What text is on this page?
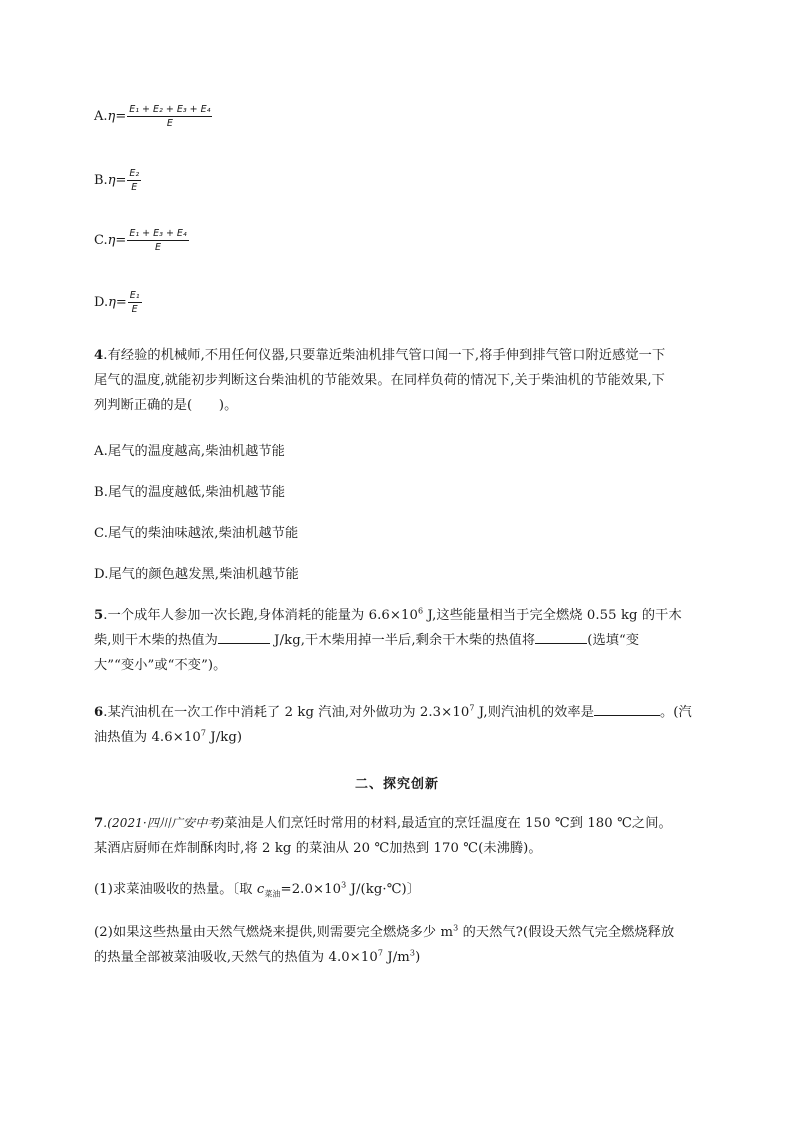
A. $\eta= \frac{\text{E₁ + E₂ + E₃ + E₄}}{E}$
B. $\eta= \frac{\text{E₂}}{E}$
C. $\eta= \frac{\text{E₁ + E₃ + E₄}}{E}$
D. $\eta= \frac{\text{E₁}}{E}$
4.有经验的机械师,不用任何仪器,只要靠近柴油机排气管口闻一下,将手伸到排气管口附近感觉一下
尾气的温度,就能初步判断这台柴油机的节能效果。在同样负荷的情况下,关于柴油机的节能效果,下
列判断正确的是(　　)。
A.尾气的温度越高,柴油机越节能
B.尾气的温度越低,柴油机越节能
C.尾气的柴油味越浓,柴油机越节能
D.尾气的颜色越发黑,柴油机越节能
5.一个成年人参加一次长跑,身体消耗的能量为 $6.6\times 10^6$ J,这些能量相当于完全燃烧 0.55 kg 的干木
柴,则干木柴的热值为	J/kg,干木柴用掉一半后,剩余干木柴的热值将	(选填“变
大”“变小”或“不变”)。
6.某汽油机在一次工作中消耗了 2 kg 汽油,对外做功为 $2.3\times 10^7$ J,则汽油机的效率是	。(汽
油热值为 $4.6\times 10^7$ J/kg)
二、探究创新
7.(2021·四川广安中考)菜油是人们烹饪时常用的材料,最适宜的烹饪温度在 150 ℃到 180 ℃之间。
某酒店厨师在炸制酥肉时,将 2 kg 的菜油从 20 ℃加热到 170 ℃(未沸腾)。
(1)求菜油吸收的热量。〔取 $c_{菜油}=2.0\times 10^3$ J/(kg·℃)〕
(2)如果这些热量由天然气燃烧来提供,则需要完全燃烧多少 $m^3$ 的天然气?(假设天然气完全燃烧释放
的热量全部被菜油吸收,天然气的热值为 $4.0\times 10^7$ $J/m^3$)
